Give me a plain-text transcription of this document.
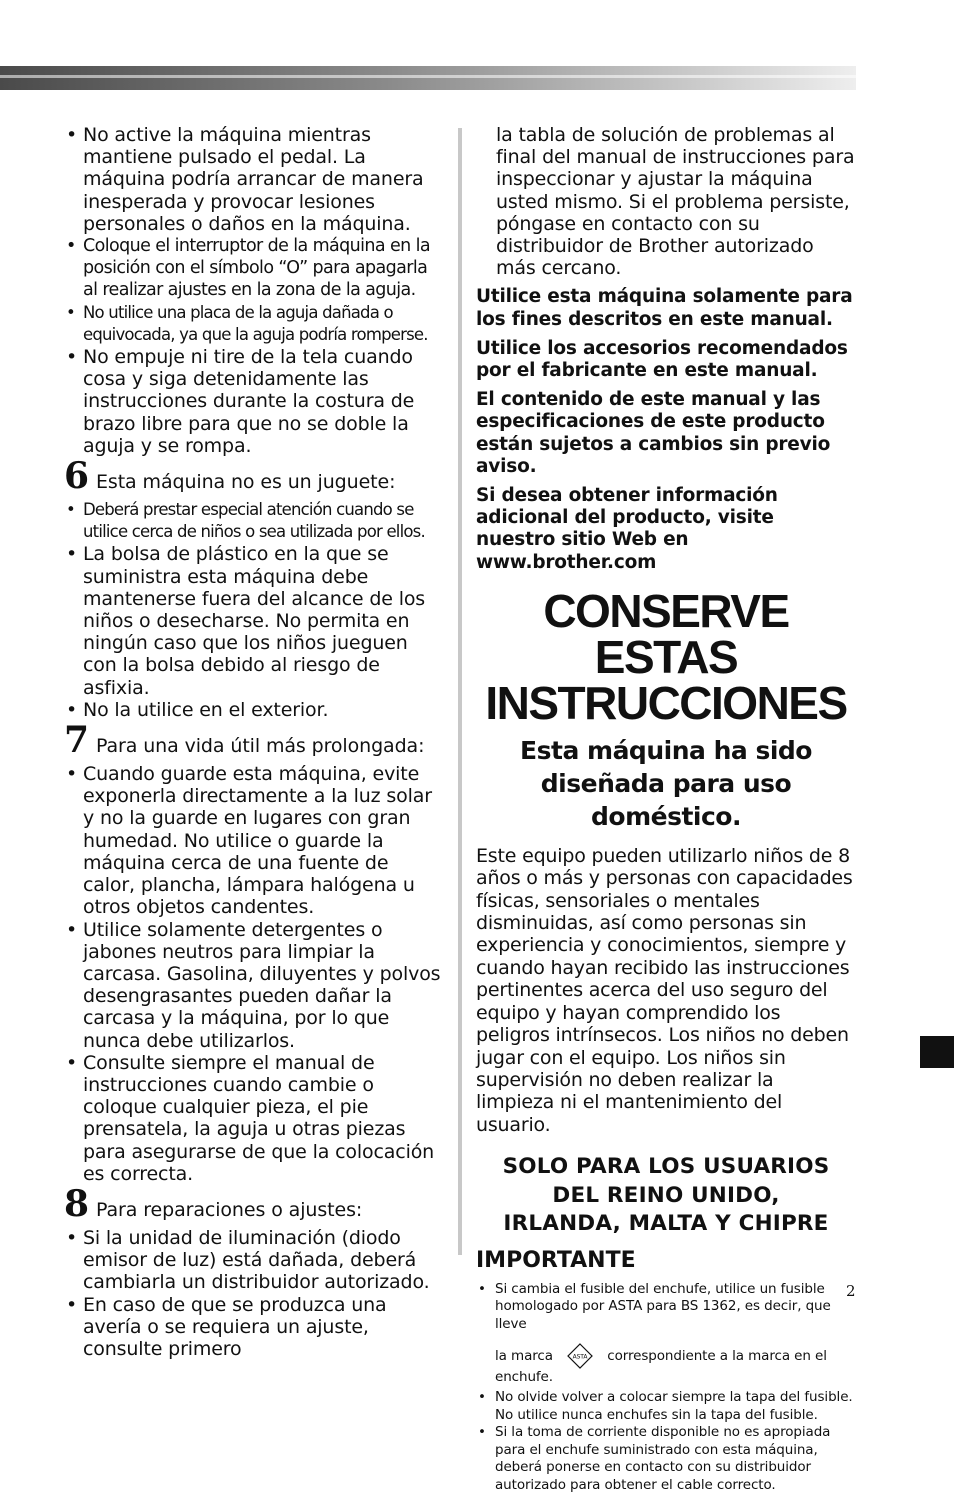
• No active la máquina mientras mantiene pulsado el pedal. La máquina podría arrancar de manera inesperada y provocar lesiones personales o daños en la máquina.
• Coloque el interruptor de la máquina en la posición con el símbolo “O” para apagarla al realizar ajustes en la zona de la aguja.
• No utilice una placa de la aguja dañada o equivocada, ya que la aguja podría romperse.
• No empuje ni tire de la tela cuando cosa y siga detenidamente las instrucciones durante la costura de brazo libre para que no se doble la aguja y se rompa.
6 Esta máquina no es un juguete:
• Deberá prestar especial atención cuando se utilice cerca de niños o sea utilizada por ellos.
• La bolsa de plástico en la que se suministra esta máquina debe mantenerse fuera del alcance de los niños o desecharse. No permita en ningún caso que los niños jueguen con la bolsa debido al riesgo de asfixia.
• No la utilice en el exterior.
7 Para una vida útil más prolongada:
• Cuando guarde esta máquina, evite exponerla directamente a la luz solar y no la guarde en lugares con gran humedad. No utilice o guarde la máquina cerca de una fuente de calor, plancha, lámpara halógena u otros objetos candentes.
• Utilice solamente detergentes o jabones neutros para limpiar la carcasa. Gasolina, diluyentes y polvos desengrasantes pueden dañar la carcasa y la máquina, por lo que nunca debe utilizarlos.
• Consulte siempre el manual de instrucciones cuando cambie o coloque cualquier pieza, el pie prensatela, la aguja u otras piezas para asegurarse de que la colocación es correcta.
8 Para reparaciones o ajustes:
• Si la unidad de iluminación (diodo emisor de luz) está dañada, deberá cambiarla un distribuidor autorizado.
• En caso de que se produzca una avería o se requiera un ajuste, consulte primero
la tabla de solución de problemas al final del manual de instrucciones para inspeccionar y ajustar la máquina usted mismo. Si el problema persiste, póngase en contacto con su distribuidor de Brother autorizado más cercano.

Utilice esta máquina solamente para los fines descritos en este manual.

Utilice los accesorios recomendados por el fabricante en este manual.

El contenido de este manual y las especificaciones de este producto están sujetos a cambios sin previo aviso.

Si desea obtener información adicional del producto, visite nuestro sitio Web en www.brother.com

CONSERVE ESTAS
INSTRUCCIONES
Esta máquina ha sido
diseñada para uso doméstico.

Este equipo pueden utilizarlo niños de 8 años o más y personas con capacidades físicas, sensoriales o mentales disminuidas, así como personas sin experiencia y conocimientos, siempre y cuando hayan recibido las instrucciones pertinentes acerca del uso seguro del equipo y hayan comprendido los peligros intrínsecos. Los niños no deben jugar con el equipo. Los niños sin supervisión no deben realizar la limpieza ni el mantenimiento del usuario.

SOLO PARA LOS USUARIOS
DEL REINO UNIDO,
IRLANDA, MALTA Y CHIPRE
IMPORTANTE
• Si cambia el fusible del enchufe, utilice un fusible homologado por ASTA para BS 1362, es decir, que lleve
la marca	ASTA correspondiente a la marca en el enchufe.
• No olvide volver a colocar siempre la tapa del fusible. No utilice nunca enchufes sin la tapa del fusible.
• Si la toma de corriente disponible no es apropiada para el enchufe suministrado con esta máquina, deberá ponerse en contacto con su distribuidor autorizado para obtener el cable correcto.
2
